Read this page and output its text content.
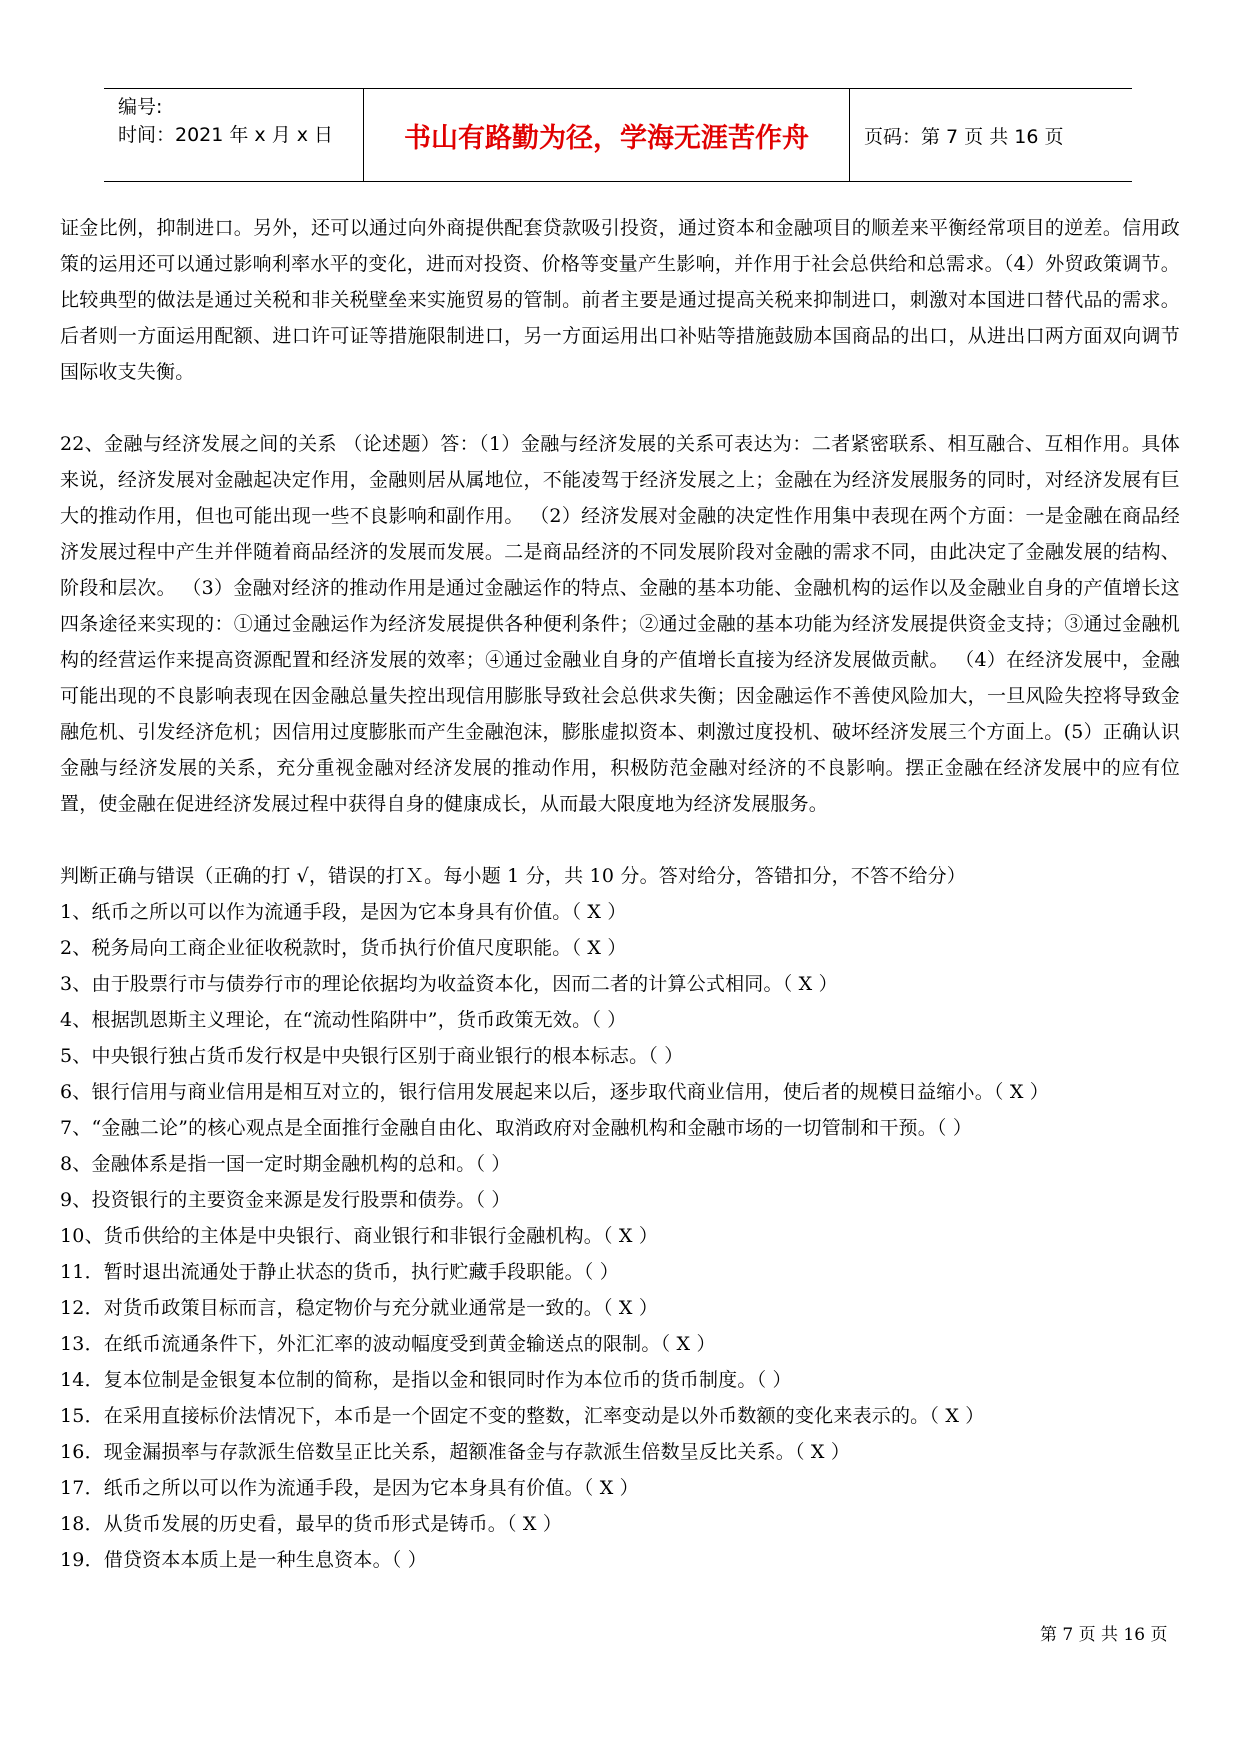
编号:
时间：2021 年 x 月 x 日	书山有路勤为径，学海无涯苦作舟	页码：第 7 页 共 16 页

证金比例，抑制进口。另外，还可以通过向外商提供配套贷款吸引投资，通过资本和金融项目的顺差来平衡经常项目的逆差。信用政策的运用还可以通过影响利率水平的变化，进而对投资、价格等变量产生影响，并作用于社会总供给和总需求。（4）外贸政策调节。比较典型的做法是通过关税和非关税壁垒来实施贸易的管制。前者主要是通过提高关税来抑制进口，刺激对本国进口替代品的需求。后者则一方面运用配额、进口许可证等措施限制进口，另一方面运用出口补贴等措施鼓励本国商品的出口，从进出口两方面双向调节国际收支失衡。

22、金融与经济发展之间的关系 （论述题）答：（1）金融与经济发展的关系可表达为：二者紧密联系、相互融合、互相作用。具体来说，经济发展对金融起决定作用，金融则居从属地位，不能凌驾于经济发展之上；金融在为经济发展服务的同时，对经济发展有巨大的推动作用，但也可能出现一些不良影响和副作用。 （2）经济发展对金融的决定性作用集中表现在两个方面：一是金融在商品经济发展过程中产生并伴随着商品经济的发展而发展。二是商品经济的不同发展阶段对金融的需求不同，由此决定了金融发展的结构、阶段和层次。 （3）金融对经济的推动作用是通过金融运作的特点、金融的基本功能、金融机构的运作以及金融业自身的产值增长这四条途径来实现的：①通过金融运作为经济发展提供各种便利条件；②通过金融的基本功能为经济发展提供资金支持；③通过金融机构的经营运作来提高资源配置和经济发展的效率；④通过金融业自身的产值增长直接为经济发展做贡献。 （4）在经济发展中，金融可能出现的不良影响表现在因金融总量失控出现信用膨胀导致社会总供求失衡；因金融运作不善使风险加大，一旦风险失控将导致金融危机、引发经济危机；因信用过度膨胀而产生金融泡沫，膨胀虚拟资本、刺激过度投机、破坏经济发展三个方面上。(5）正确认识金融与经济发展的关系，充分重视金融对经济发展的推动作用，积极防范金融对经济的不良影响。摆正金融在经济发展中的应有位置，使金融在促进经济发展过程中获得自身的健康成长，从而最大限度地为经济发展服务。

判断正确与错误（正确的打 √，错误的打Ｘ。每小题 1 分，共 10 分。答对给分，答错扣分，不答不给分）

1、纸币之所以可以作为流通手段，是因为它本身具有价值。（ X ）
2、税务局向工商企业征收税款时，货币执行价值尺度职能。（ X ）
3、由于股票行市与债券行市的理论依据均为收益资本化，因而二者的计算公式相同。（ X ）
4、根据凯恩斯主义理论，在“流动性陷阱中”，货币政策无效。（ ）
5、中央银行独占货币发行权是中央银行区别于商业银行的根本标志。（ ）
6、银行信用与商业信用是相互对立的，银行信用发展起来以后，逐步取代商业信用，使后者的规模日益缩小。（ X ）
7、“金融二论”的核心观点是全面推行金融自由化、取消政府对金融机构和金融市场的一切管制和干预。（ ）
8、金融体系是指一国一定时期金融机构的总和。（ ）
9、投资银行的主要资金来源是发行股票和债券。（ ）
10、货币供给的主体是中央银行、商业银行和非银行金融机构。（ X ）
11．暂时退出流通处于静止状态的货币，执行贮藏手段职能。（ ）
12．对货币政策目标而言，稳定物价与充分就业通常是一致的。（ X ）
13．在纸币流通条件下，外汇汇率的波动幅度受到黄金输送点的限制。（ X ）
14．复本位制是金银复本位制的简称，是指以金和银同时作为本位币的货币制度。（ ）
15．在采用直接标价法情况下，本币是一个固定不变的整数，汇率变动是以外币数额的变化来表示的。（ X ）
16．现金漏损率与存款派生倍数呈正比关系，超额准备金与存款派生倍数呈反比关系。（ X ）
17．纸币之所以可以作为流通手段，是因为它本身具有价值。（ X ）
18．从货币发展的历史看，最早的货币形式是铸币。（ X ）
19．借贷资本本质上是一种生息资本。（ ）
第 7 页 共 16 页
